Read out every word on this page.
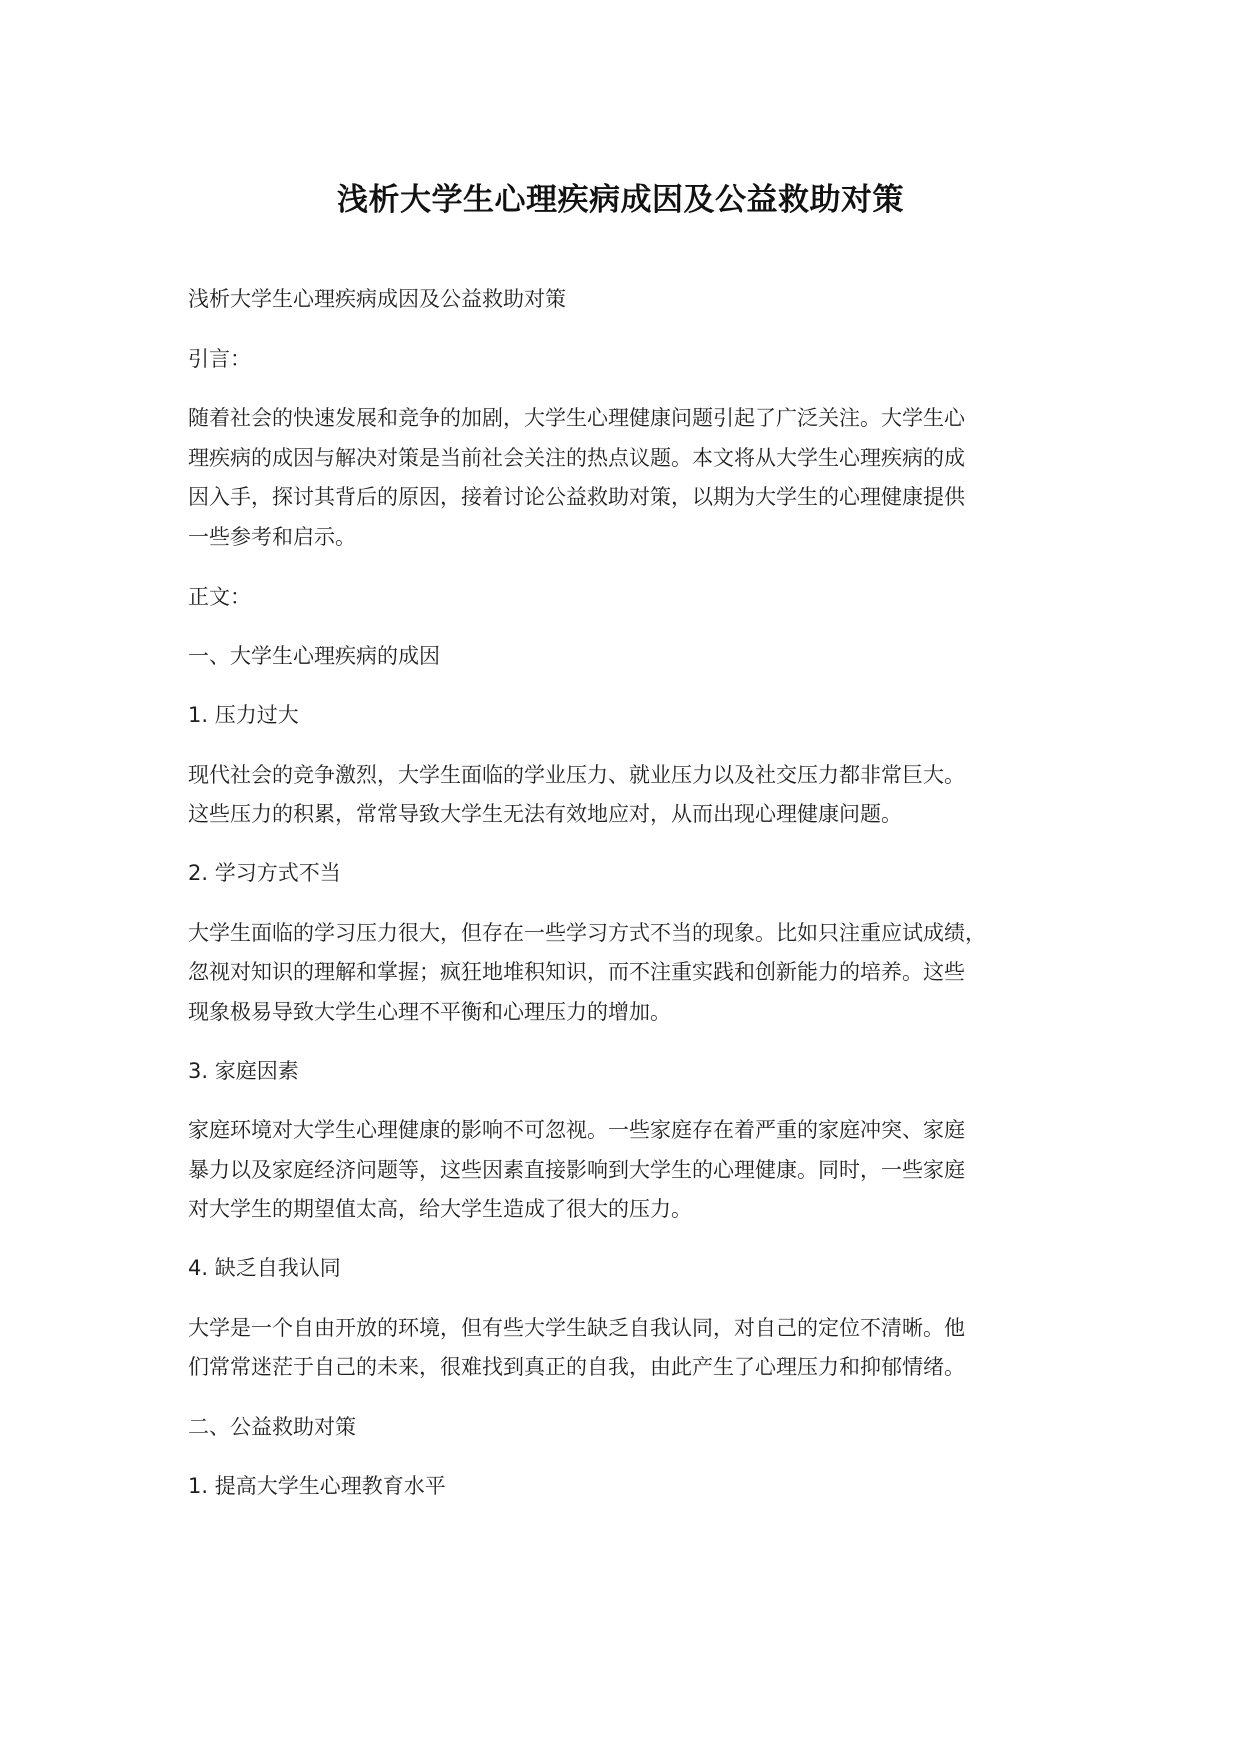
浅析大学生心理疾病成因及公益救助对策
浅析大学生心理疾病成因及公益救助对策
引言：
随着社会的快速发展和竞争的加剧，大学生心理健康问题引起了广泛关注。大学生心
理疾病的成因与解决对策是当前社会关注的热点议题。本文将从大学生心理疾病的成
因入手，探讨其背后的原因，接着讨论公益救助对策，以期为大学生的心理健康提供
一些参考和启示。
正文：
一、大学生心理疾病的成因
1. 压力过大
现代社会的竞争激烈，大学生面临的学业压力、就业压力以及社交压力都非常巨大。
这些压力的积累，常常导致大学生无法有效地应对，从而出现心理健康问题。
2. 学习方式不当
大学生面临的学习压力很大，但存在一些学习方式不当的现象。比如只注重应试成绩，
忽视对知识的理解和掌握；疯狂地堆积知识，而不注重实践和创新能力的培养。这些
现象极易导致大学生心理不平衡和心理压力的增加。
3. 家庭因素
家庭环境对大学生心理健康的影响不可忽视。一些家庭存在着严重的家庭冲突、家庭
暴力以及家庭经济问题等，这些因素直接影响到大学生的心理健康。同时，一些家庭
对大学生的期望值太高，给大学生造成了很大的压力。
4. 缺乏自我认同
大学是一个自由开放的环境，但有些大学生缺乏自我认同，对自己的定位不清晰。他
们常常迷茫于自己的未来，很难找到真正的自我，由此产生了心理压力和抑郁情绪。
二、公益救助对策
1. 提高大学生心理教育水平
